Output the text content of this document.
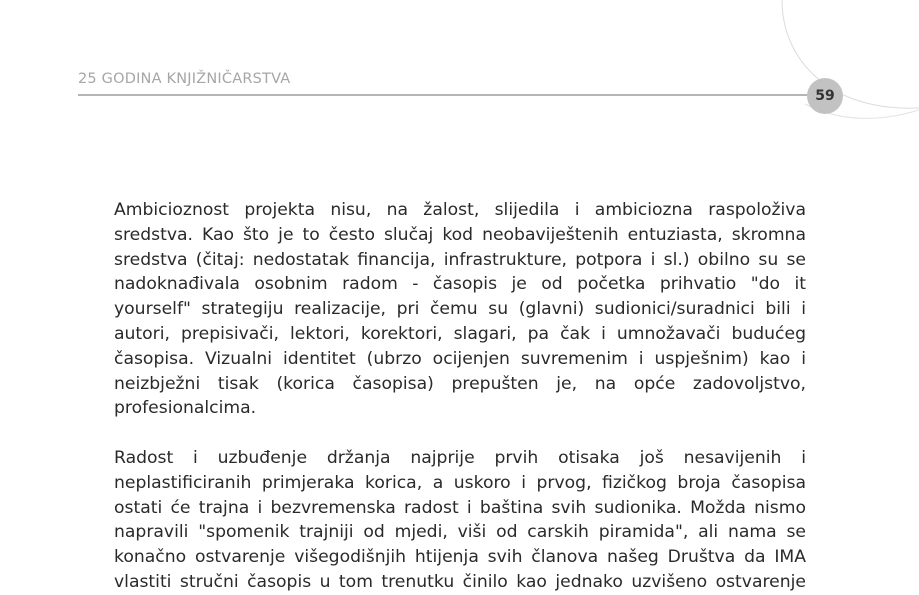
25 GODINA KNJIŽNIČARSTVA
59

Ambicioznost projekta nisu, na žalost, slijedila i ambiciozna raspoloživa
sredstva. Kao što je to često slučaj kod neobaviještenih entuziasta, skromna
sredstva (čitaj: nedostatak financija, infrastrukture, potpora i sl.) obilno su se
nadoknađivala osobnim radom - časopis je od početka prihvatio "do it
yourself" strategiju realizacije, pri čemu su (glavni) sudionici/suradnici bili i
autori, prepisivači, lektori, korektori, slagari, pa čak i umnožavači budućeg
časopisa. Vizualni identitet (ubrzo ocijenjen suvremenim i uspješnim) kao i
neizbježni tisak (korica časopisa) prepušten je, na opće zadovoljstvo,
profesionalcima.

Radost i uzbuđenje držanja najprije prvih otisaka još nesavijenih i
neplastificiranih primjeraka korica, a uskoro i prvog, fizičkog broja časopisa
ostati će trajna i bezvremenska radost i baština svih sudionika. Možda nismo
napravili "spomenik trajniji od mjedi, viši od carskih piramida", ali nama se
konačno ostvarenje višegodišnjih htijenja svih članova našeg Društva da IMA
vlastiti stručni časopis u tom trenutku činilo kao jednako uzvišeno ostvarenje
